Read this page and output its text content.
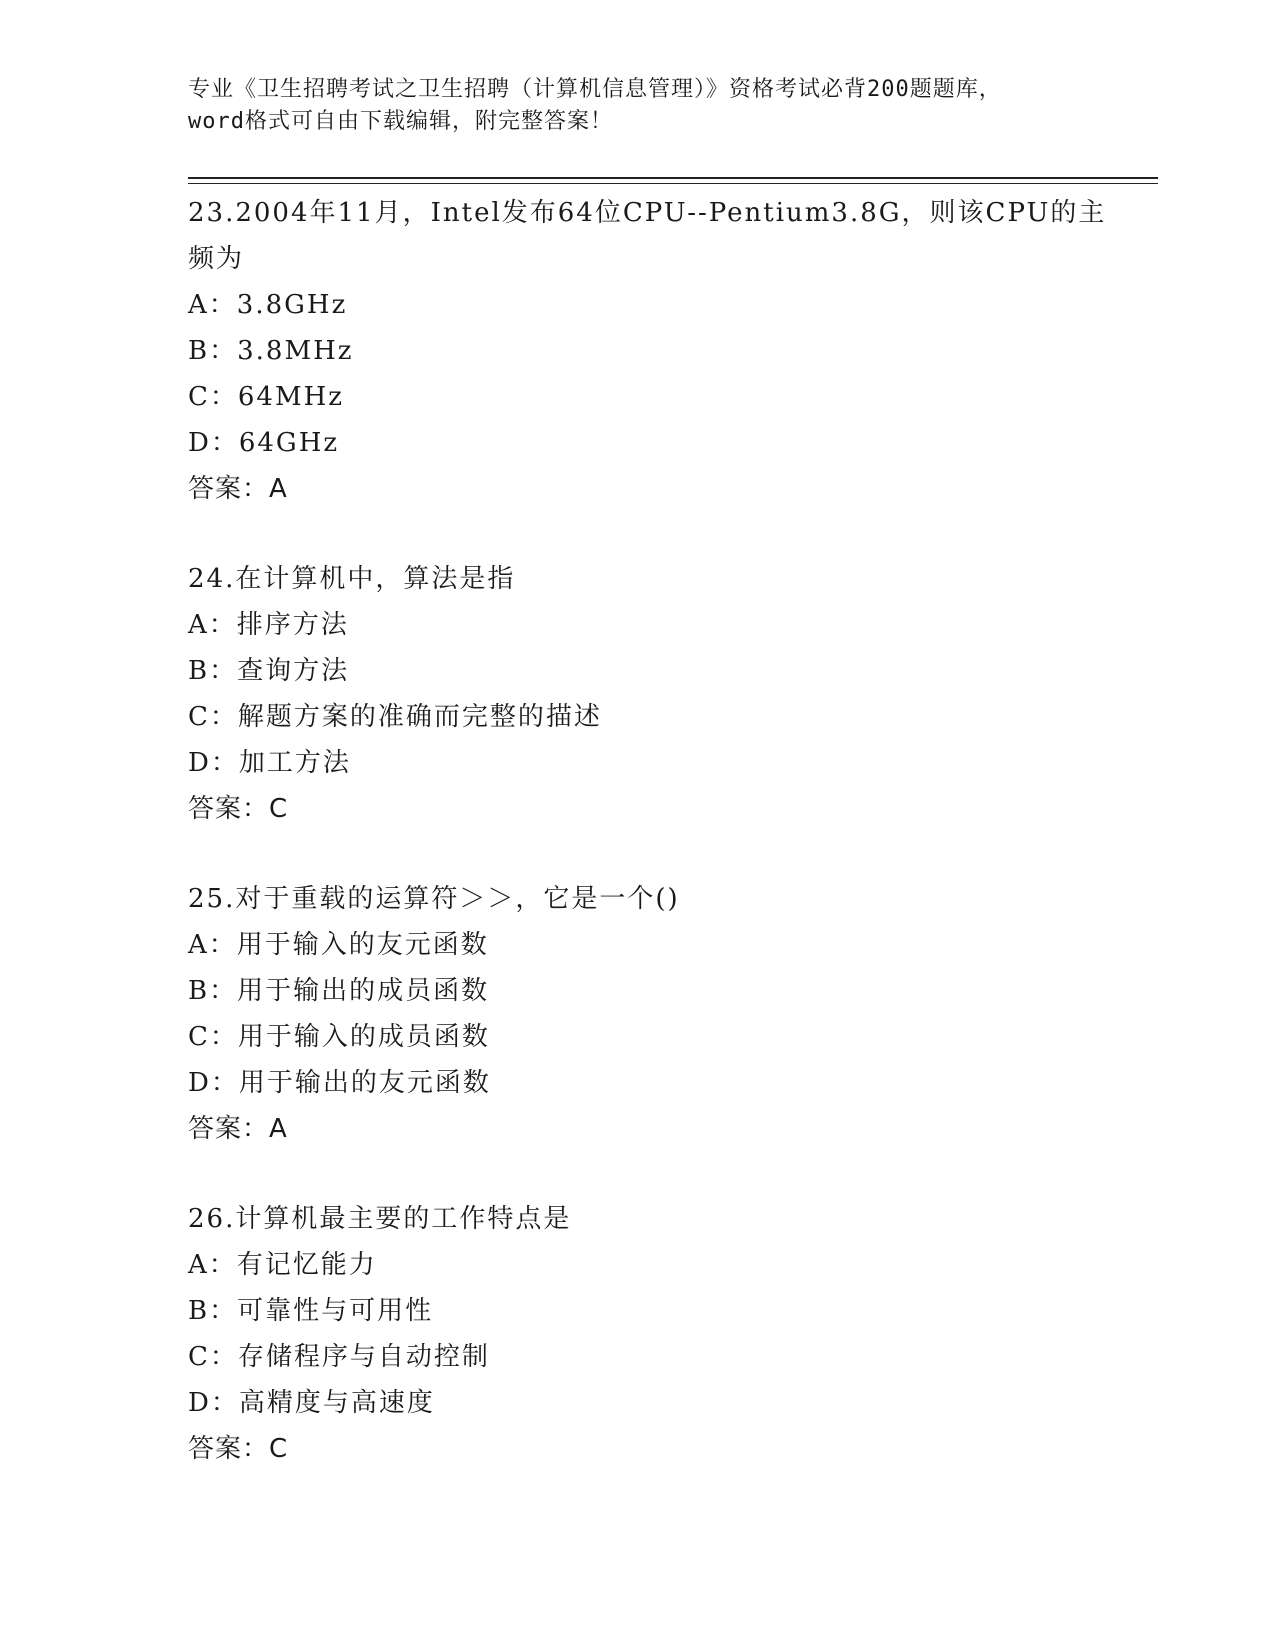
专业《卫生招聘考试之卫生招聘（计算机信息管理）》资格考试必背200题题库，
word格式可自由下载编辑，附完整答案！
23.2004年11月，Intel发布64位CPU--Pentium3.8G，则该CPU的主
频为
A：3.8GHz
B：3.8MHz
C：64MHz
D：64GHz
答案：A
24.在计算机中，算法是指
A：排序方法
B：查询方法
C：解题方案的准确而完整的描述
D：加工方法
答案：C
25.对于重载的运算符＞＞，它是一个()
A：用于输入的友元函数
B：用于输出的成员函数
C：用于输入的成员函数
D：用于输出的友元函数
答案：A
26.计算机最主要的工作特点是
A：有记忆能力
B：可靠性与可用性
C：存储程序与自动控制
D：高精度与高速度
答案：C
